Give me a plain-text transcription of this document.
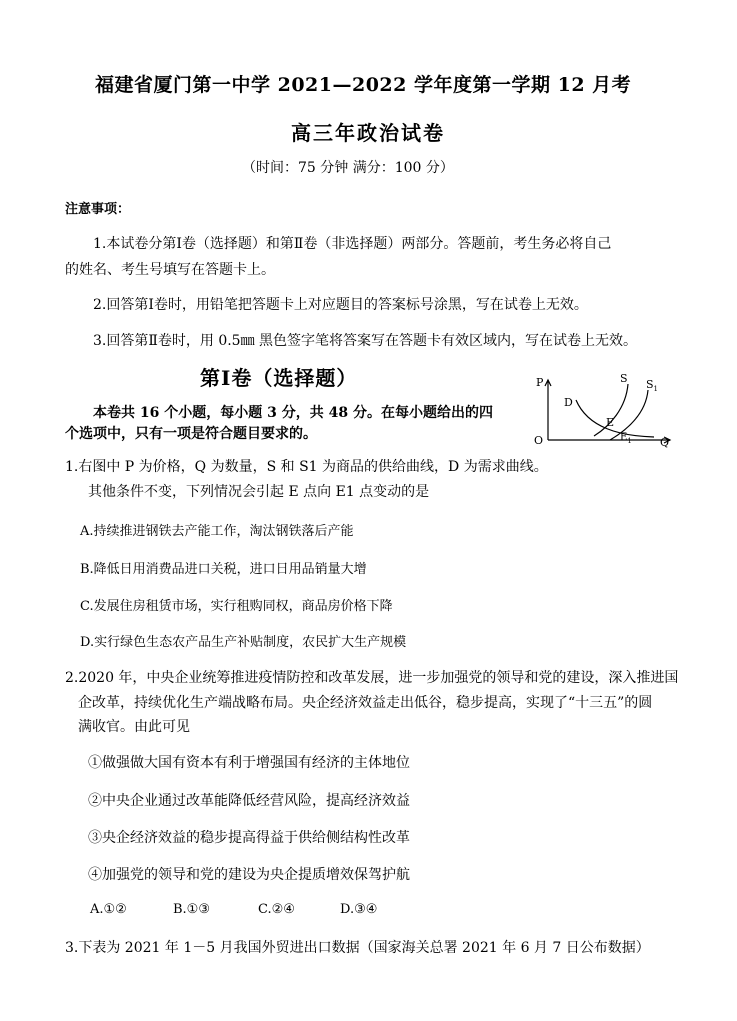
福建省厦门第一中学 2021—2022 学年度第一学期 12 月考
高三年政治试卷
（时间：75 分钟 满分：100 分）
注意事项：
1.本试卷分第Ⅰ卷（选择题）和第Ⅱ卷（非选择题）两部分。答题前，考生务必将自己
的姓名、考生号填写在答题卡上。
2.回答第Ⅰ卷时，用铅笔把答题卡上对应题目的答案标号涂黑，写在试卷上无效。
3.回答第Ⅱ卷时，用 0.5㎜ 黑色签字笔将答案写在答题卡有效区域内，写在试卷上无效。
第Ⅰ卷（选择题）
本卷共 16 个小题，每小题 3 分，共 48 分。在每小题给出的四
个选项中，只有一项是符合题目要求的。
P	S $S_1$
D
E
$E_1$
O	Q
1.右图中 P 为价格，Q 为数量，S 和 S1 为商品的供给曲线，D 为需求曲线。
其他条件不变，下列情况会引起 E 点向 E1 点变动的是
A.持续推进钢铁去产能工作，淘汰钢铁落后产能
B.降低日用消费品进口关税，进口日用品销量大增
C.发展住房租赁市场，实行租购同权，商品房价格下降
D.实行绿色生态农产品生产补贴制度，农民扩大生产规模
2.2020 年，中央企业统筹推进疫情防控和改革发展，进一步加强党的领导和党的建设，深入推进国
企改革，持续优化生产端战略布局。央企经济效益走出低谷，稳步提高，实现了“十三五”的圆
满收官。由此可见
①做强做大国有资本有利于增强国有经济的主体地位
②中央企业通过改革能降低经营风险，提高经济效益
③央企经济效益的稳步提高得益于供给侧结构性改革
④加强党的领导和党的建设为央企提质增效保驾护航
A.①②	B.①③	C.②④	D.③④
3.下表为 2021 年 1－5 月我国外贸进出口数据（国家海关总署 2021 年 6 月 7 日公布数据）
